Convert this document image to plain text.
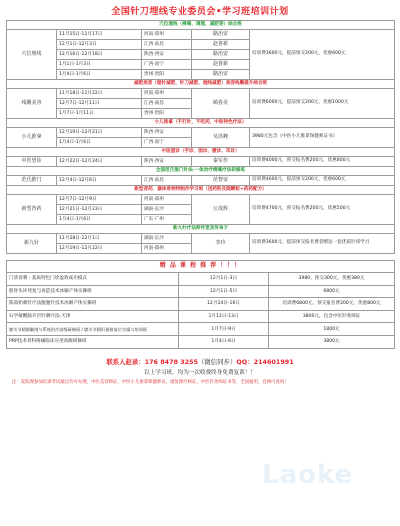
全国针刀埋线专业委员会•学习班培训计划
穴位埋线（痹痛、调理、减肥等）综合班				
穴位埋线	11月15日-11月17日	河南·郑州	路治安	培训费3600元，提前预交200元，优惠600元
	12月1日-12月3日	江西·南昌	赵喜新	
	12月16日-12月18日	陕西·西安	路治安	
	1月1日-1月3日	广西·南宁	赵喜新	
	1月4日-1月6日	贵州·贵阳	路治安	
减肥美容（埋针减肥、针刀减肥、埋线减肥）美容线雕提升综合班				
线雕美容	11月18日-11月22日	河南·郑州	顾春美	培训费6000元，提前预交200元，优惠1000元
	12月7日-12月11日	江西·南昌		
	1月7日-1月11日	贵州·贵阳		
小儿推拿（不打针，不吃药，中医特色疗法）				
小儿推拿	12月19日-12月21日	陕西·西安	吴洪峰	3980元包含《中医小儿推拿保健师证书》
	1月4日-1月6日	广西·南宁		
中医望诊（手诊、面诊、腹诊、耳诊）				
中医望诊	12月22日-12月24日	陕西·西安	秦军作	培训费4000元，预交报名费200元，优惠800元
全国范氏推门针法-一体治疗痹痛疗法研修班				
范氏推门	12月4日-12月6日	江西·南昌	范智谊	培训费4600元，提前预交200元，优惠600元
新型背药、器体骨柄特制作学习班（送药粉及圆颗粒+药药配方）				
新型背药	12月7日-12月9日	河南·郑州	公茂辉	培训费4700元，预交报名费200元，优惠500元
	12月21日-12月23日	湖南·长沙		
	1月4日-1月6日	广东·广州		
新九针疗法师怀堂亲传弟子				
新九针	11月28日-12月1日	湖南·长沙	李玲	培训费3600元，提前预交报名费者赠送一套优质针厚学习
	12月19日-12月22日	河南·郑州		
精 品 课 程 推 荐 ！！！		
门诊普刺 · 基质特色门诊盈效成功模式	12月1日-3日	3980，预交300元，优惠380元
股骨头坏死复与再造技术冰解产体实操班	12月1日-5日	6800元
陈茹奶刺针疗法腹腹针技术冰解产体实操班	12月14日-16日	培训费6800元，预交报名费200元，优惠800元
石学敏醒脑开窍针刺疗法-天津	1月12日-13日	3800元，包含中医针灸师证
膝关节精细解剖与系统治疗高级研修班 / 膝关节精形通接复位实操与培训班	1月7日-9日	1800元
PRP技术骨科疼痛临床应用高级研修班	1月4日-6日	3800元
联系人赵录：176 8478 3255（微信同步）QQ：214601991
以上学习班，均为一次收费终身免费复训！！
注：发院现参加培训考试通过均可办理，中医美容师证，中医小儿推拿保健师证，康复理疗师证，中医针灸师证书等，全国通用，官网可查询！
Laoke
